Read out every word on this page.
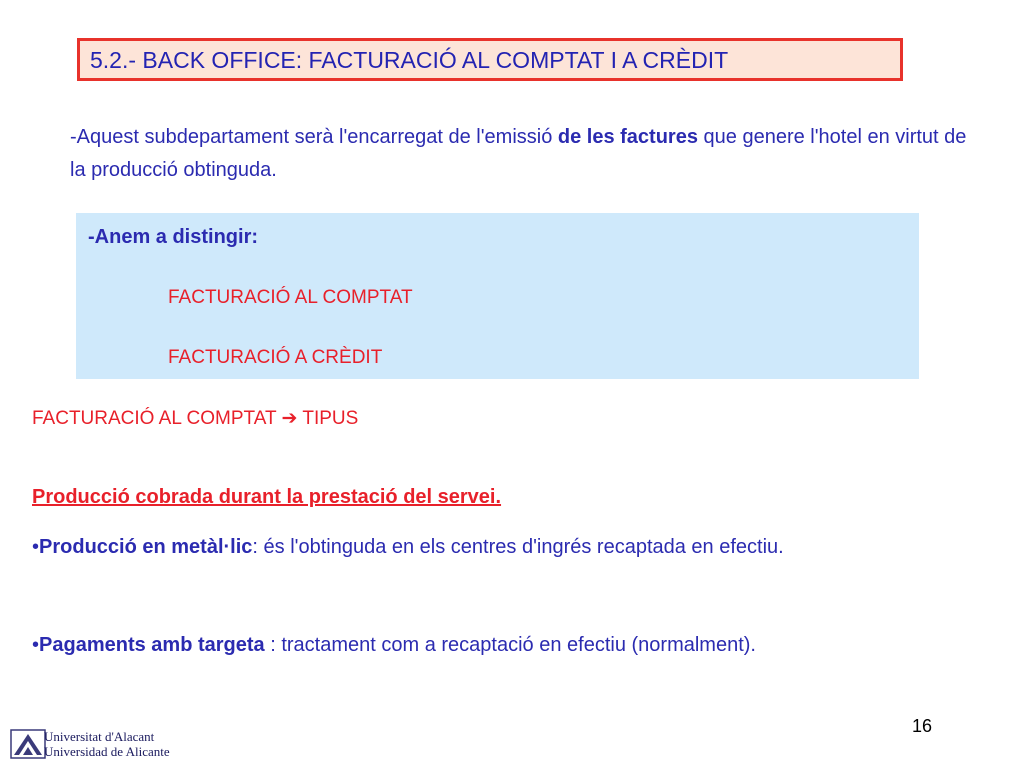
5.2.- BACK OFFICE: FACTURACIÓ AL COMPTAT I A CRÈDIT
-Aquest subdepartament serà l'encarregat de l'emissió de les factures que genere l'hotel en virtut de la producció obtinguda.
-Anem a distingir:
FACTURACIÓ AL COMPTAT
FACTURACIÓ A CRÈDIT
FACTURACIÓ AL COMPTAT ➔ TIPUS
Producció cobrada durant la prestació del servei.
•Producció en metàl·lic: és l'obtinguda en els centres d'ingrés recaptada en efectiu.
•Pagaments amb targeta : tractament com a recaptació en efectiu (normalment).
16
Universitat d'Alacant
Universidad de Alicante
